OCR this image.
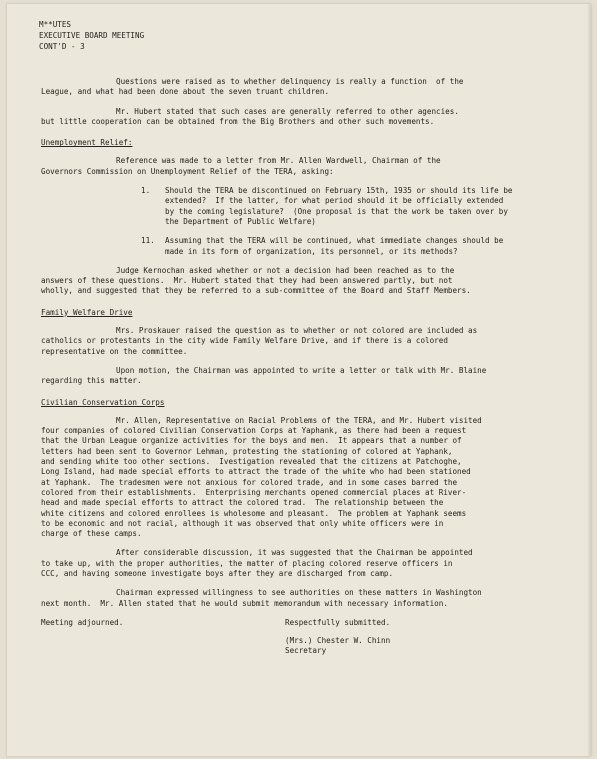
M**UTES
EXECUTIVE BOARD MEETING
CONT'D - 3
Questions were raised as to whether delinquency is really a function  of the
League, and what had been done about the seven truant children.
Mr. Hubert stated that such cases are generally referred to other agencies.
but little cooperation can be obtained from the Big Brothers and other such movements.
Unemployment Relief:
Reference was made to a letter from Mr. Allen Wardwell, Chairman of the
Governors Commission on Unemployment Relief of the TERA, asking:
1. Should the TERA be discontinued on February 15th, 1935 or should its life be
extended?  If the latter, for what period should it be officially extended
by the coming legislature?  (One proposal is that the work be taken over by
the Department of Public Welfare)
11. Assuming that the TERA will be continued, what immediate changes should be
made in its form of organization, its personnel, or its methods?
Judge Kernochan asked whether or not a decision had been reached as to the
answers of these questions.  Mr. Hubert stated that they had been answered partly, but not
wholly, and suggested that they be referred to a sub-committee of the Board and Staff Members.
Family Welfare Drive
Mrs. Proskauer raised the question as to whether or not colored are included as
catholics or protestants in the city wide Family Welfare Drive, and if there is a colored
representative on the committee.
Upon motion, the Chairman was appointed to write a letter or talk with Mr. Blaine
regarding this matter.
Civilian Conservation Corps
Mr. Allen, Representative on Racial Problems of the TERA, and Mr. Hubert visited
four companies of colored Civilian Conservation Corps at Yaphank, as there had been a request
that the Urban League organize activities for the boys and men.  It appears that a number of
letters had been sent to Governor Lehman, protesting the stationing of colored at Yaphank,
and sending white too other sections.  Ivestigation revealed that the citizens at Patchoghe,
Long Island, had made special efforts to attract the trade of the white who had been stationed
at Yaphank.  The tradesmen were not anxious for colored trade, and in some cases barred the
colored from their establishments.  Enterprising merchants opened commercial places at River-
head and made special efforts to attract the colored trad.  The relationship between the
white citizens and colored enrollees is wholesome and pleasant.  The problem at Yaphank seems
to be economic and not racial, although it was observed that only white officers were in
charge of these camps.
After considerable discussion, it was suggested that the Chairman be appointed
to take up, with the proper authorities, the matter of placing colored reserve officers in
CCC, and having someone investigate boys after they are discharged from camp.
Chairman expressed willingness to see authorities on these matters in Washington
next month.  Mr. Allen stated that he would submit memorandum with necessary information.
Meeting adjourned.	Respectfully submitted.
(Mrs.) Chester W. Chinn
Secretary
